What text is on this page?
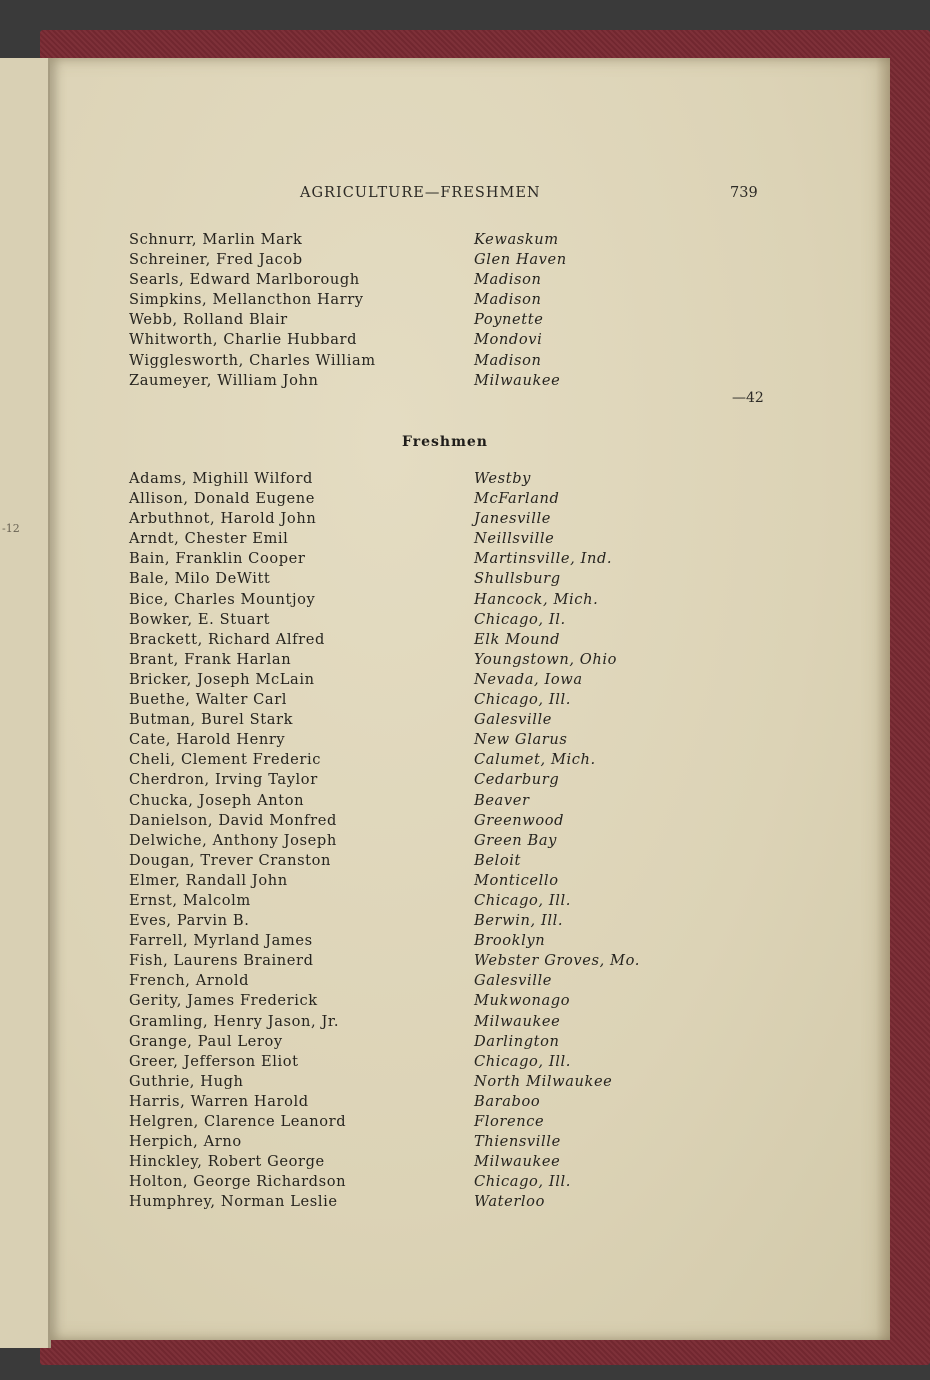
-12
AGRICULTURE—FRESHMEN	739
Schnurr, Marlin Mark	Kewaskum
Schreiner, Fred Jacob	Glen Haven
Searls, Edward Marlborough	Madison
Simpkins, Mellancthon Harry	Madison
Webb, Rolland Blair	Poynette
Whitworth, Charlie Hubbard	Mondovi
Wigglesworth, Charles William	Madison
Zaumeyer, William John	Milwaukee
—42
Freshmen
Adams, Mighill Wilford	Westby
Allison, Donald Eugene	McFarland
Arbuthnot, Harold John	Janesville
Arndt, Chester Emil	Neillsville
Bain, Franklin Cooper	Martinsville, Ind.
Bale, Milo DeWitt	Shullsburg
Bice, Charles Mountjoy	Hancock, Mich.
Bowker, E. Stuart	Chicago, Il.
Brackett, Richard Alfred	Elk Mound
Brant, Frank Harlan	Youngstown, Ohio
Bricker, Joseph McLain	Nevada, Iowa
Buethe, Walter Carl	Chicago, Ill.
Butman, Burel Stark	Galesville
Cate, Harold Henry	New Glarus
Cheli, Clement Frederic	Calumet, Mich.
Cherdron, Irving Taylor	Cedarburg
Chucka, Joseph Anton	Beaver
Danielson, David Monfred	Greenwood
Delwiche, Anthony Joseph	Green Bay
Dougan, Trever Cranston	Beloit
Elmer, Randall John	Monticello
Ernst, Malcolm	Chicago, Ill.
Eves, Parvin B.	Berwin, Ill.
Farrell, Myrland James	Brooklyn
Fish, Laurens Brainerd	Webster Groves, Mo.
French, Arnold	Galesville
Gerity, James Frederick	Mukwonago
Gramling, Henry Jason, Jr.	Milwaukee
Grange, Paul Leroy	Darlington
Greer, Jefferson Eliot	Chicago, Ill.
Guthrie, Hugh	North Milwaukee
Harris, Warren Harold	Baraboo
Helgren, Clarence Leanord	Florence
Herpich, Arno	Thiensville
Hinckley, Robert George	Milwaukee
Holton, George Richardson	Chicago, Ill.
Humphrey, Norman Leslie	Waterloo
